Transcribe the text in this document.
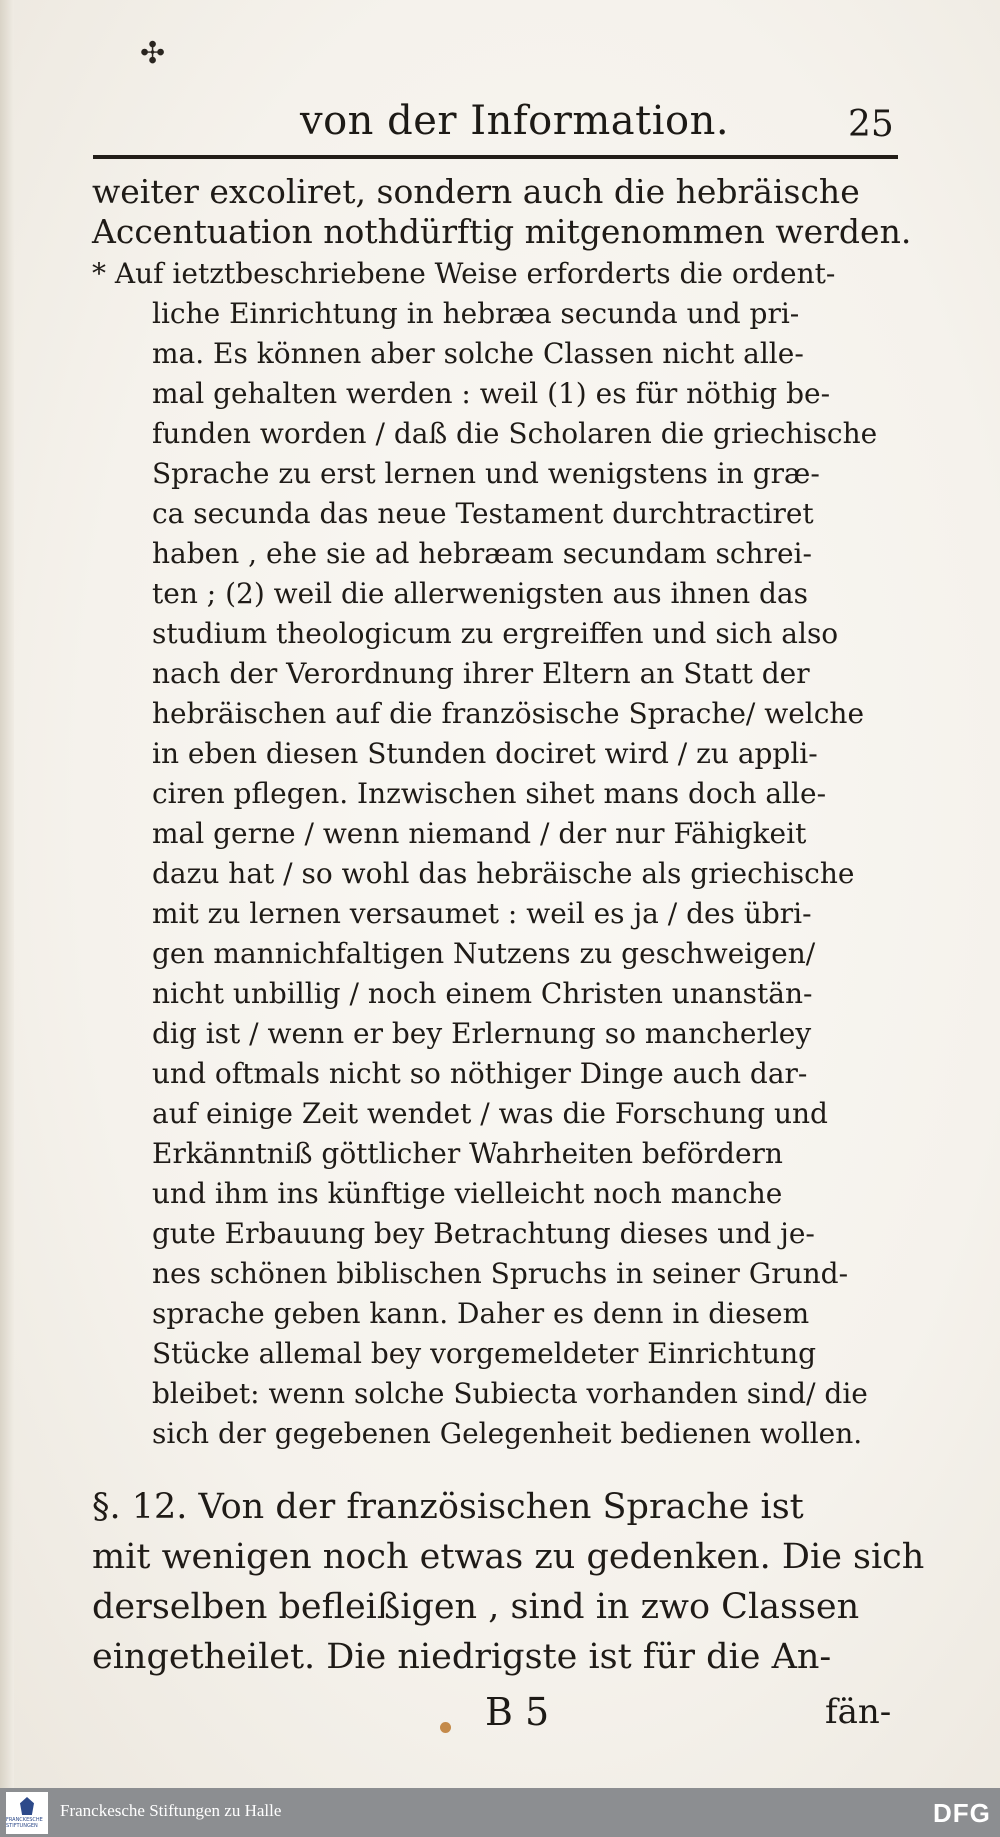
✣
von der Information.	25
weiter excoliret, sondern auch die hebräische
Accentuation nothdürftig mitgenommen werden.
* Auf ietztbeschriebene Weise erforderts die ordent-
liche Einrichtung in hebræa secunda und pri-
ma. Es können aber solche Classen nicht alle-
mal gehalten werden : weil (1) es für nöthig be-
funden worden / daß die Scholaren die griechische
Sprache zu erst lernen und wenigstens in græ-
ca secunda das neue Testament durchtractiret
haben , ehe sie ad hebræam secundam schrei-
ten ; (2) weil die allerwenigsten aus ihnen das
studium theologicum zu ergreiffen und sich also
nach der Verordnung ihrer Eltern an Statt der
hebräischen auf die französische Sprache/ welche
in eben diesen Stunden dociret wird / zu appli-
ciren pflegen. Inzwischen sihet mans doch alle-
mal gerne / wenn niemand / der nur Fähigkeit
dazu hat / so wohl das hebräische als griechische
mit zu lernen versaumet : weil es ja / des übri-
gen mannichfaltigen Nutzens zu geschweigen/
nicht unbillig / noch einem Christen unanstän-
dig ist / wenn er bey Erlernung so mancherley
und oftmals nicht so nöthiger Dinge auch dar-
auf einige Zeit wendet / was die Forschung und
Erkänntniß göttlicher Wahrheiten befördern
und ihm ins künftige vielleicht noch manche
gute Erbauung bey Betrachtung dieses und je-
nes schönen biblischen Spruchs in seiner Grund-
sprache geben kann. Daher es denn in diesem
Stücke allemal bey vorgemeldeter Einrichtung
bleibet: wenn solche Subiecta vorhanden sind/ die
sich der gegebenen Gelegenheit bedienen wollen.
§. 12. Von der französischen Sprache ist
mit wenigen noch etwas zu gedenken. Die sich
derselben befleißigen , sind in zwo Classen
eingetheilet. Die niedrigste ist für die An-
B 5	fän-
FRANCKESCHE STIFTUNGEN
Franckesche Stiftungen zu Halle	DFG
